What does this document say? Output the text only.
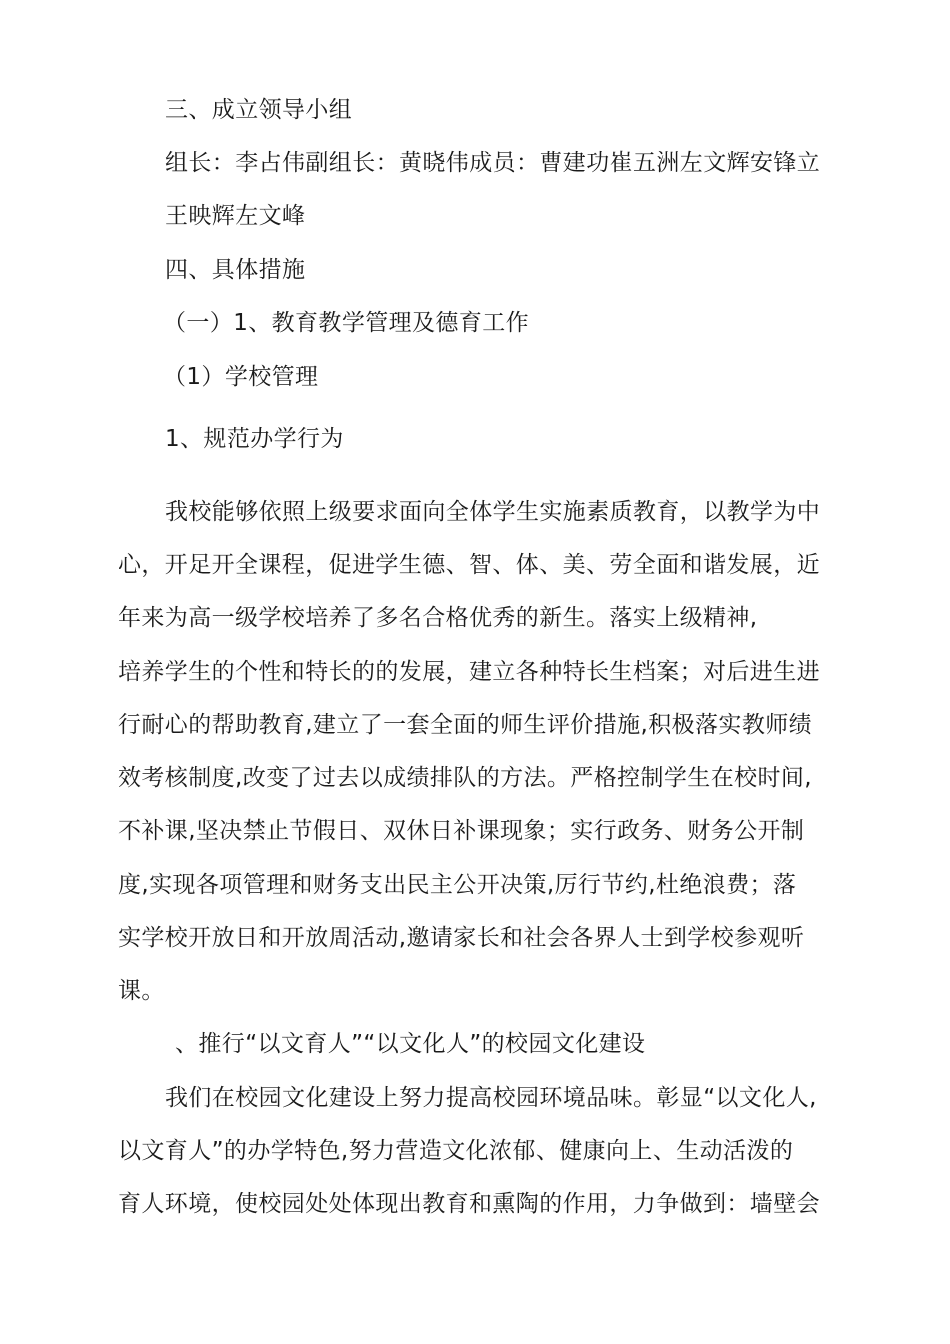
三、成立领导小组

组长：李占伟副组长：黄晓伟成员：曹建功崔五洲左文辉安锋立

王映辉左文峰

四、具体措施

（一）1、教育教学管理及德育工作

（1）学校管理

1、规范办学行为

我校能够依照上级要求面向全体学生实施素质教育，以教学为中

心，开足开全课程，促进学生德、智、体、美、劳全面和谐发展，近

年来为高一级学校培养了多名合格优秀的新生。落实上级精神,

培养学生的个性和特长的的发展，建立各种特长生档案；对后进生进

行耐心的帮助教育,建立了一套全面的师生评价措施,积极落实教师绩

效考核制度,改变了过去以成绩排队的方法。严格控制学生在校时间,

不补课,坚决禁止节假日、双休日补课现象；实行政务、财务公开制

度,实现各项管理和财务支出民主公开决策,厉行节约,杜绝浪费；落

实学校开放日和开放周活动,邀请家长和社会各界人士到学校参观听

课。

、推行“以文育人”“以文化人”的校园文化建设

我们在校园文化建设上努力提高校园环境品味。彰显“以文化人,

以文育人”的办学特色,努力营造文化浓郁、健康向上、生动活泼的

育人环境，使校园处处体现出教育和熏陶的作用，力争做到：墙壁会
